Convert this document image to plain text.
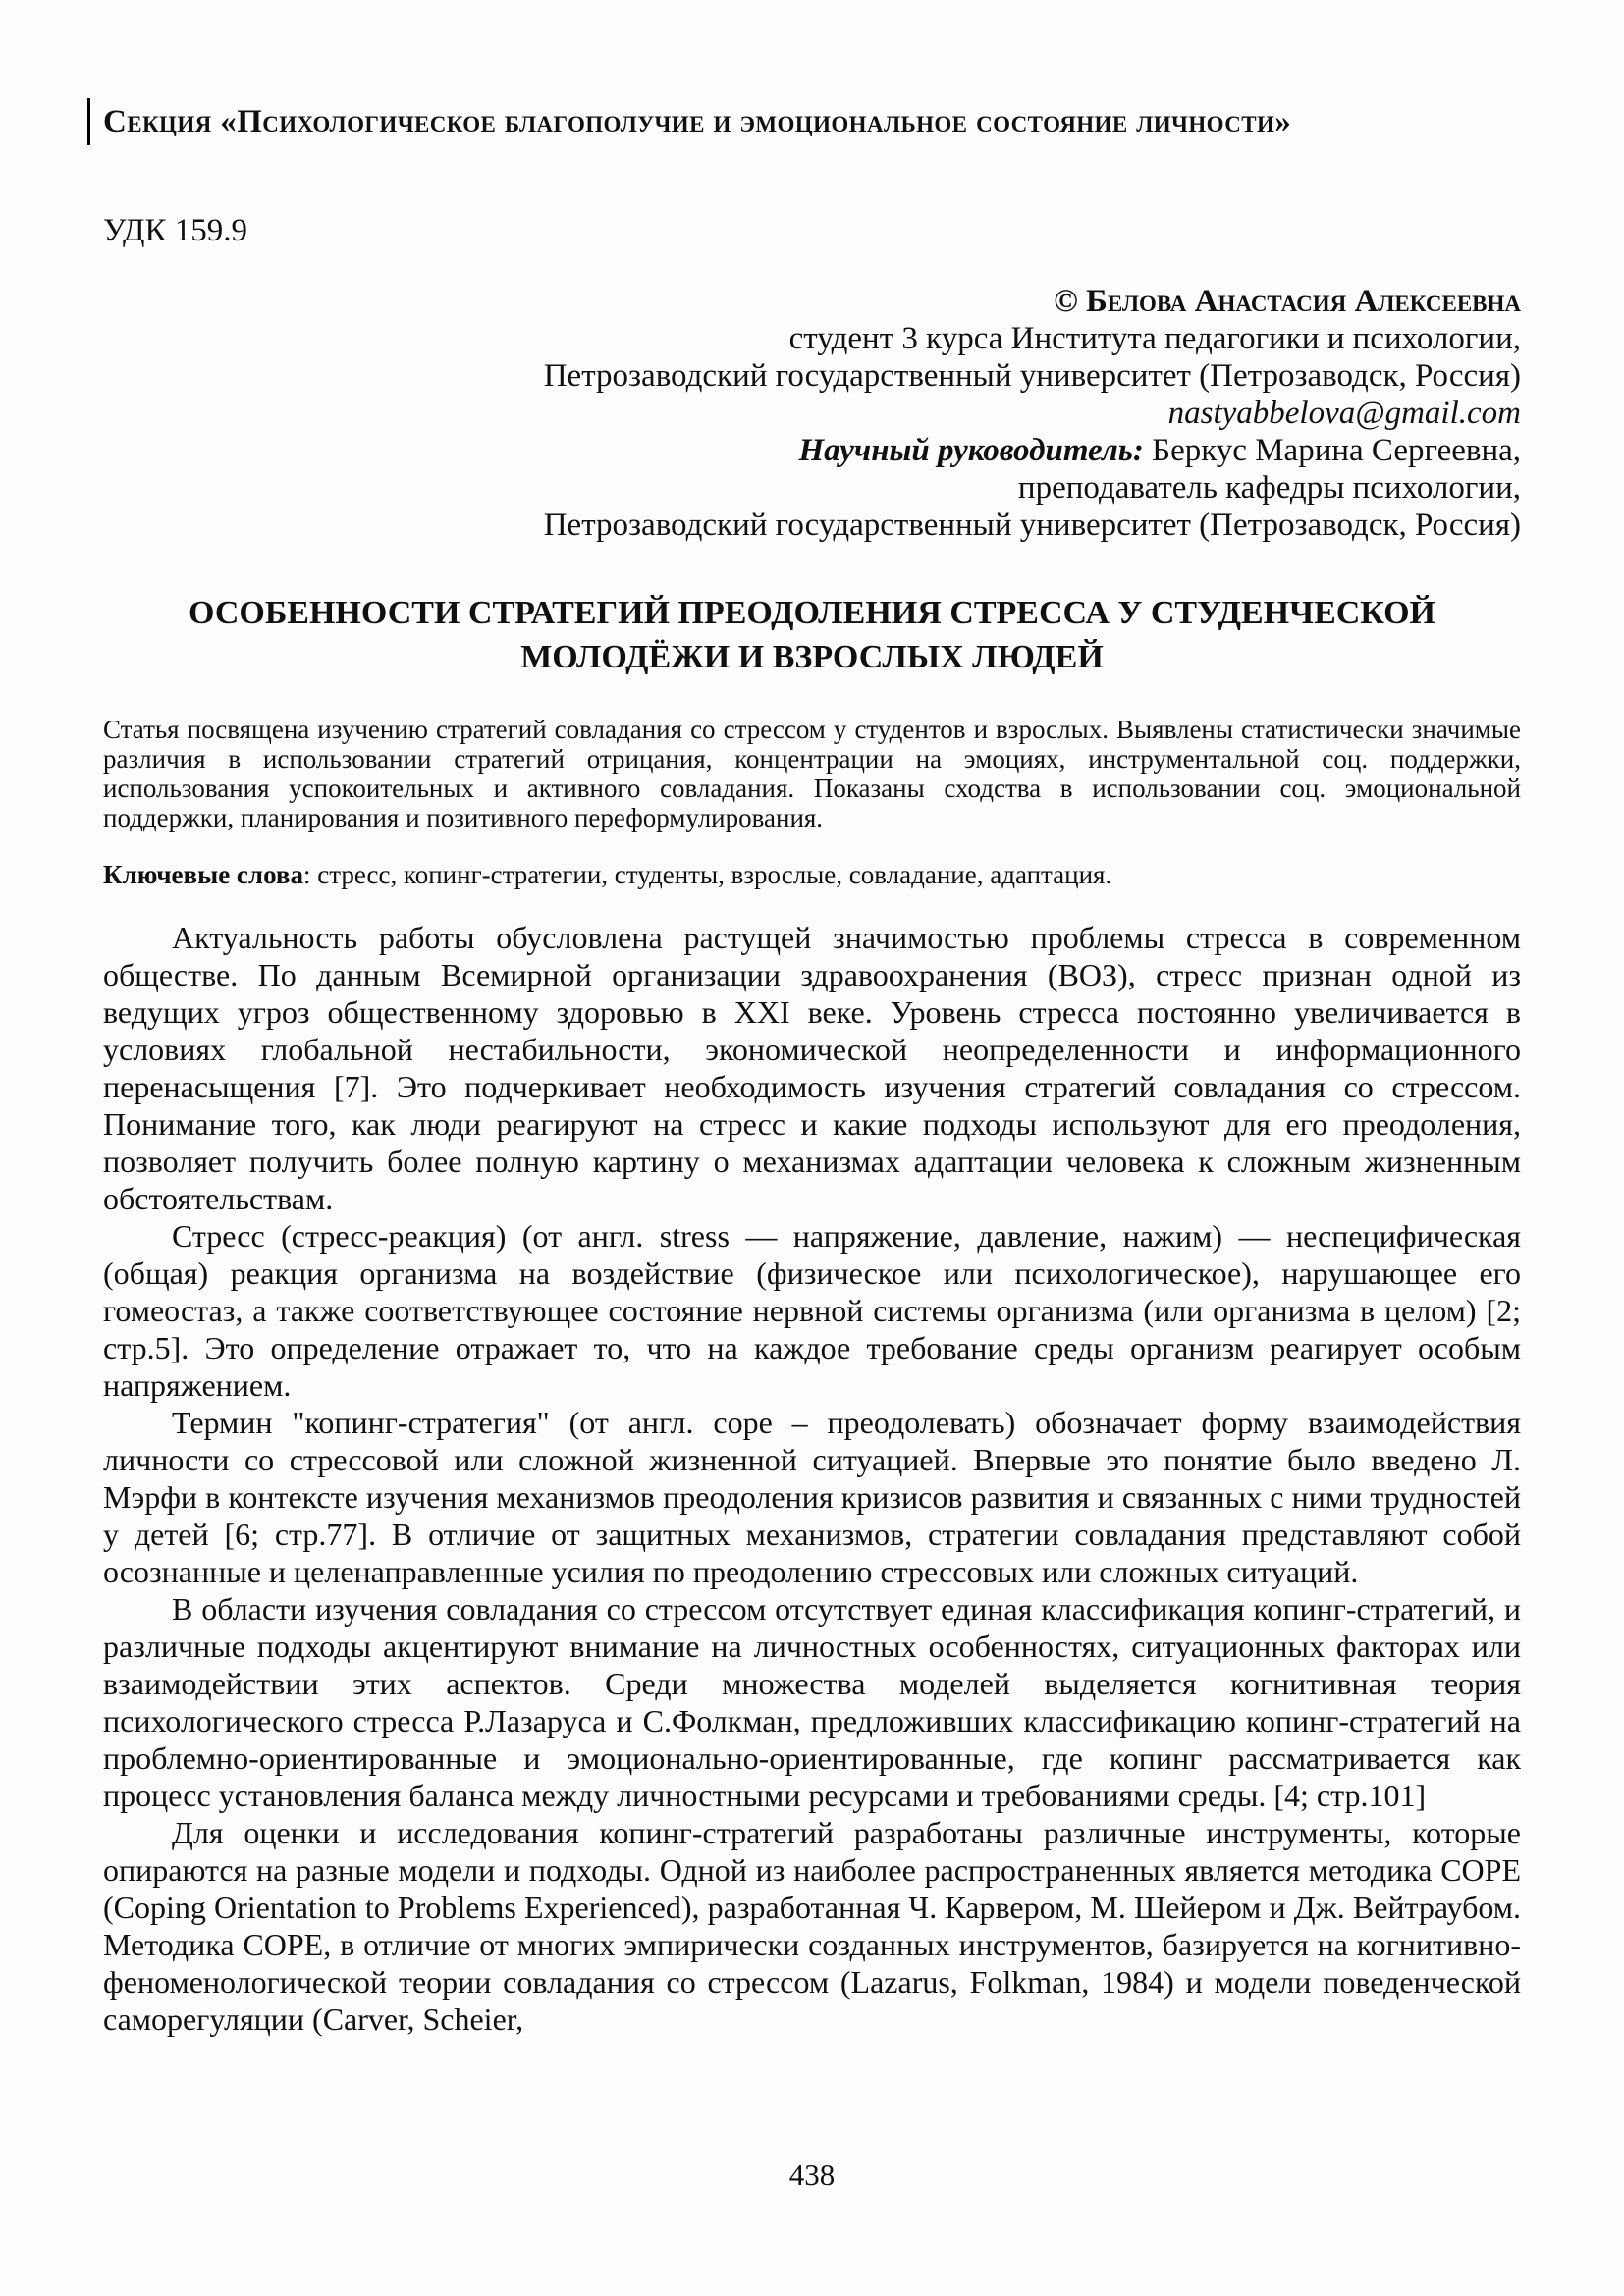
Секция «Психологическое благополучие и эмоциональное состояние личности»
УДК 159.9
© Белова Анастасия Алексеевна
студент 3 курса Института педагогики и психологии,
Петрозаводский государственный университет (Петрозаводск, Россия)
nastyabbelova@gmail.com
Научный руководитель: Беркус Марина Сергеевна,
преподаватель кафедры психологии,
Петрозаводский государственный университет (Петрозаводск, Россия)
ОСОБЕННОСТИ СТРАТЕГИЙ ПРЕОДОЛЕНИЯ СТРЕССА У СТУДЕНЧЕСКОЙ
МОЛОДЁЖИ И ВЗРОСЛЫХ ЛЮДЕЙ

Статья посвящена изучению стратегий совладания со стрессом у студентов и взрослых. Выявлены статистически значимые различия в использовании стратегий отрицания, концентрации на эмоциях, инструментальной соц. поддержки, использования успокоительных и активного совладания. Показаны сходства в использовании соц. эмоциональной поддержки, планирования и позитивного переформулирования.

Ключевые слова: стресс, копинг-стратегии, студенты, взрослые, совладание, адаптация.

Актуальность работы обусловлена растущей значимостью проблемы стресса в современном обществе. По данным Всемирной организации здравоохранения (ВОЗ), стресс признан одной из ведущих угроз общественному здоровью в XXI веке. Уровень стресса постоянно увеличивается в условиях глобальной нестабильности, экономической неопределенности и информационного перенасыщения [7]. Это подчеркивает необходимость изучения стратегий совладания со стрессом. Понимание того, как люди реагируют на стресс и какие подходы используют для его преодоления, позволяет получить более полную картину о механизмах адаптации человека к сложным жизненным обстоятельствам.

Стресс (стресс-реакция) (от англ. stress — напряжение, давление, нажим) — неспецифическая (общая) реакция организма на воздействие (физическое или психологическое), нарушающее его гомеостаз, а также соответствующее состояние нервной системы организма (или организма в целом) [2; стр.5]. Это определение отражает то, что на каждое требование среды организм реагирует особым напряжением.

Термин "копинг-стратегия" (от англ. cope – преодолевать) обозначает форму взаимодействия личности со стрессовой или сложной жизненной ситуацией. Впервые это понятие было введено Л. Мэрфи в контексте изучения механизмов преодоления кризисов развития и связанных с ними трудностей у детей [6; стр.77]. В отличие от защитных механизмов, стратегии совладания представляют собой осознанные и целенаправленные усилия по преодолению стрессовых или сложных ситуаций.

В области изучения совладания со стрессом отсутствует единая классификация копинг-стратегий, и различные подходы акцентируют внимание на личностных особенностях, ситуационных факторах или взаимодействии этих аспектов. Среди множества моделей выделяется когнитивная теория психологического стресса Р.Лазаруса и С.Фолкман, предложивших классификацию копинг-стратегий на проблемно-ориентированные и эмоционально-ориентированные, где копинг рассматривается как процесс установления баланса между личностными ресурсами и требованиями среды. [4; стр.101]

Для оценки и исследования копинг-стратегий разработаны различные инструменты, которые опираются на разные модели и подходы. Одной из наиболее распространенных является методика COPE (Coping Orientation to Problems Experienced), разработанная Ч. Карвером, М. Шейером и Дж. Вейтраубом. Методика COPE, в отличие от многих эмпирически созданных инструментов, базируется на когнитивно-феноменологической теории совладания со стрессом (Lazarus, Folkman, 1984) и модели поведенческой саморегуляции (Carver, Scheier,

438
